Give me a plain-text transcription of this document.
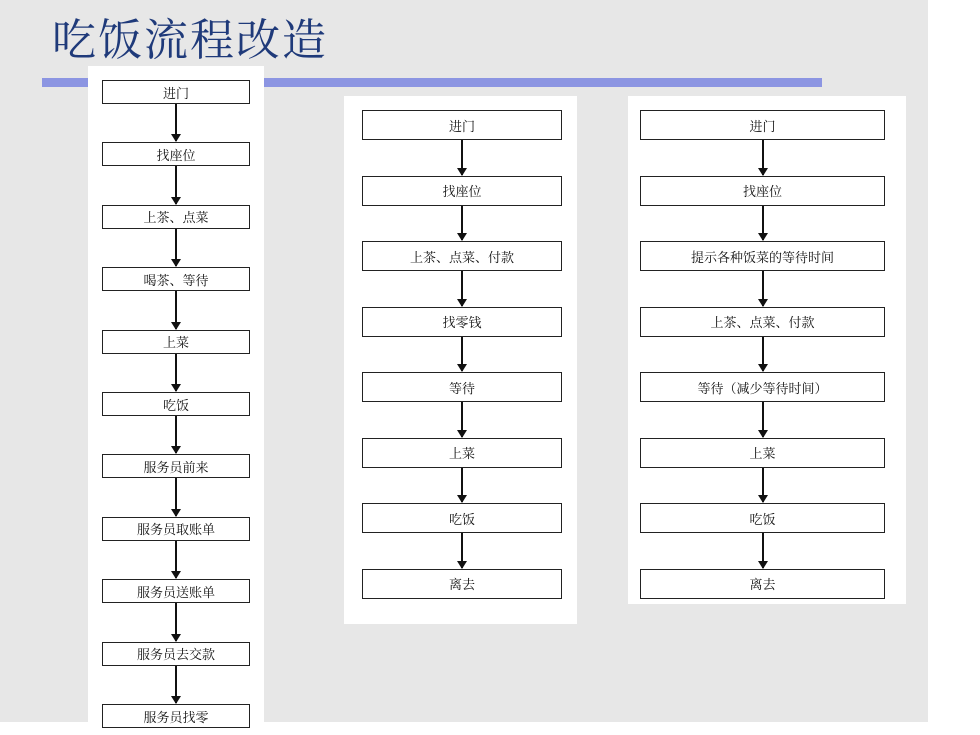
吃饭流程改造
进门
找座位
上茶、点菜
喝茶、等待
上菜
吃饭
服务员前来
服务员取账单
服务员送账单
服务员去交款
服务员找零
进门
找座位
上茶、点菜、付款
找零钱
等待
上菜
吃饭
离去
进门
找座位
提示各种饭菜的等待时间
上茶、点菜、付款
等待（减少等待时间）
上菜
吃饭
离去
